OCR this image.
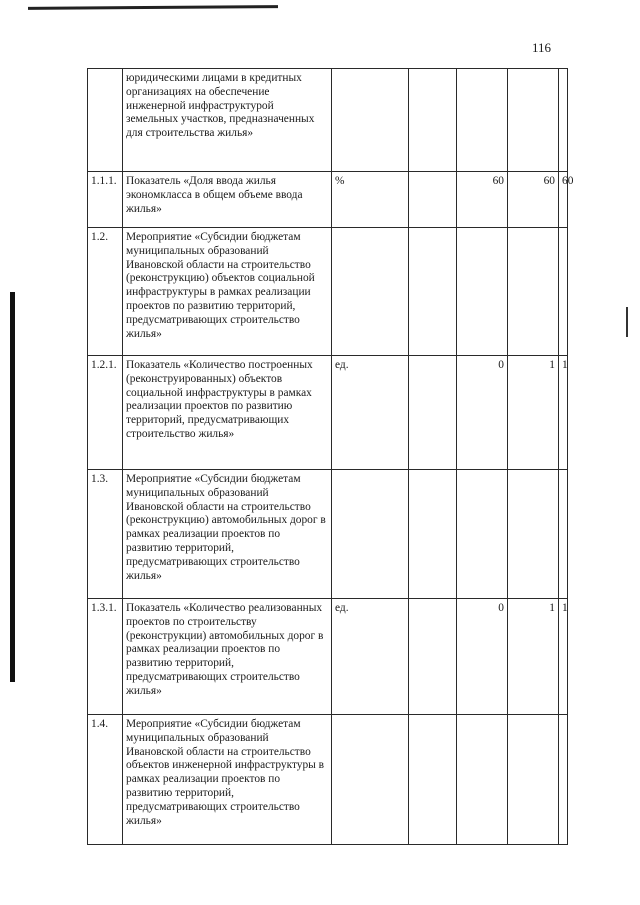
116
	юридическими лицами в кредитных организациях на обеспечение инженерной инфраструктурой земельных участков, предназначенных для строительства жилья»					
1.1.1.	Показатель «Доля ввода жилья экономкласса в общем объеме ввода жилья»	%		60	60	60
1.2.	Мероприятие «Субсидии бюджетам муниципальных образований Ивановской области на строительство (реконструкцию) объектов социальной инфраструктуры в рамках реализации проектов по развитию территорий, предусматривающих строительство жилья»					
1.2.1.	Показатель «Количество построенных (реконструированных) объектов социальной инфраструктуры в рамках реализации проектов по развитию территорий, предусматривающих строительство жилья»	ед.		0	1	1
1.3.	Мероприятие «Субсидии бюджетам муниципальных образований Ивановской области на строительство (реконструкцию) автомобильных дорог в рамках реализации проектов по развитию территорий, предусматривающих строительство жилья»					
1.3.1.	Показатель «Количество реализованных проектов по строительству (реконструкции) автомобильных дорог в рамках реализации проектов по развитию территорий, предусматривающих строительство жилья»	ед.		0	1	1
1.4.	Мероприятие «Субсидии бюджетам муниципальных образований Ивановской области на строительство объектов инженерной инфраструктуры в рамках реализации проектов по развитию территорий, предусматривающих строительство жилья»					
